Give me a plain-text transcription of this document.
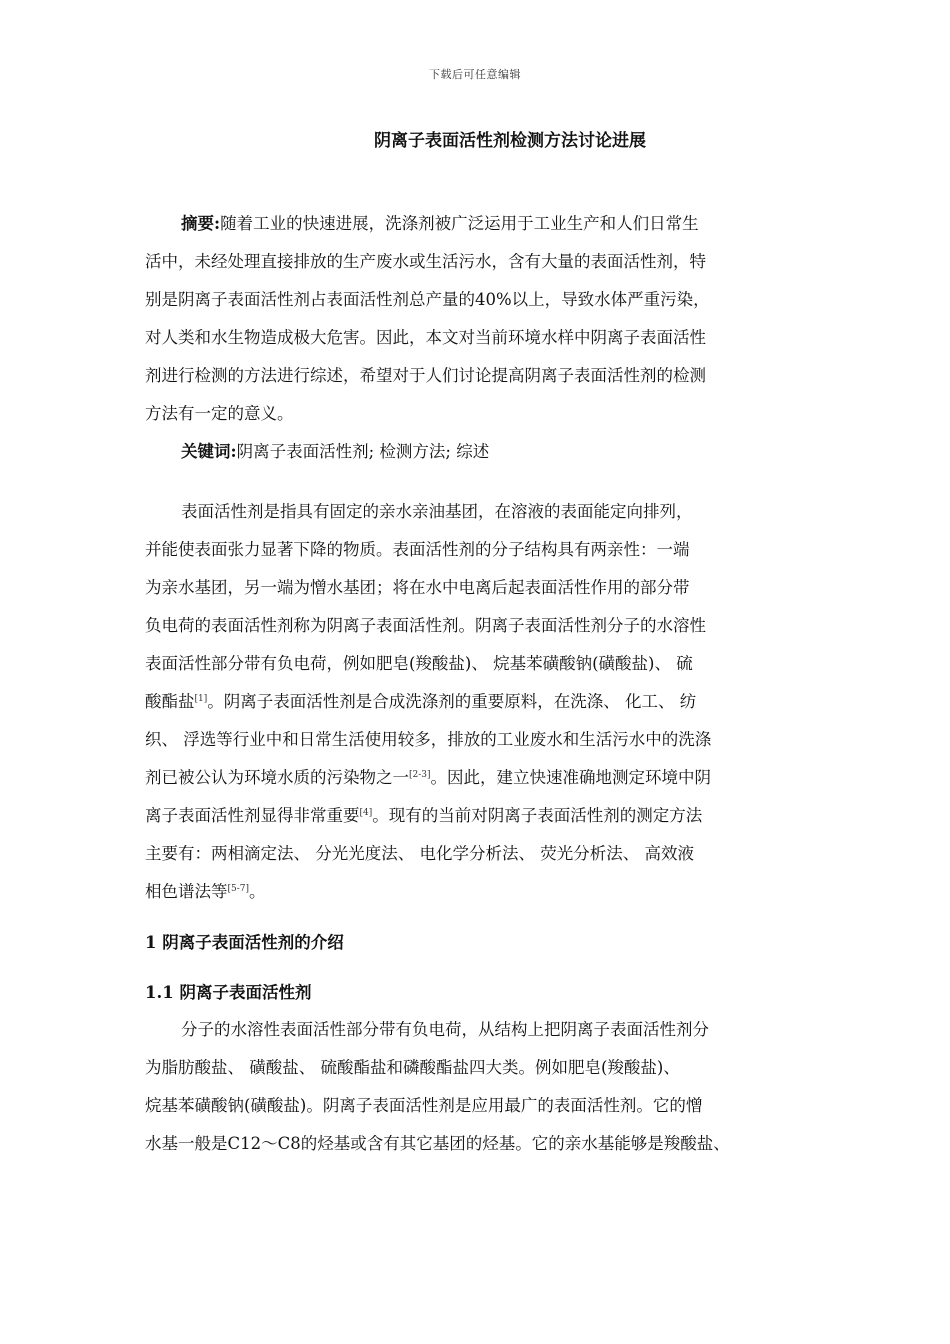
下载后可任意编辑
阴离子表面活性剂检测方法讨论进展
摘要:随着工业的快速进展，洗涤剂被广泛运用于工业生产和人们日常生
活中，未经处理直接排放的生产废水或生活污水，含有大量的表面活性剂，特
别是阴离子表面活性剂占表面活性剂总产量的40%以上，导致水体严重污染，
对人类和水生物造成极大危害。因此，本文对当前环境水样中阴离子表面活性
剂进行检测的方法进行综述，希望对于人们讨论提高阴离子表面活性剂的检测
方法有一定的意义。
关键词:阴离子表面活性剂; 检测方法; 综述
表面活性剂是指具有固定的亲水亲油基团，在溶液的表面能定向排列，
并能使表面张力显著下降的物质。表面活性剂的分子结构具有两亲性：一端
为亲水基团，另一端为憎水基团；将在水中电离后起表面活性作用的部分带
负电荷的表面活性剂称为阴离子表面活性剂。阴离子表面活性剂分子的水溶性
表面活性部分带有负电荷，例如肥皂(羧酸盐)、 烷基苯磺酸钠(磺酸盐)、 硫
酸酯盐[1]。阴离子表面活性剂是合成洗涤剂的重要原料，在洗涤、 化工、 纺
织、 浮选等行业中和日常生活使用较多，排放的工业废水和生活污水中的洗涤
剂已被公认为环境水质的污染物之一[2-3]。因此，建立快速准确地测定环境中阴
离子表面活性剂显得非常重要[4]。现有的当前对阴离子表面活性剂的测定方法
主要有：两相滴定法、 分光光度法、 电化学分析法、 荧光分析法、 高效液
相色谱法等[5-7]。
1 阴离子表面活性剂的介绍
1.1 阴离子表面活性剂
分子的水溶性表面活性部分带有负电荷，从结构上把阴离子表面活性剂分
为脂肪酸盐、 磺酸盐、 硫酸酯盐和磷酸酯盐四大类。例如肥皂(羧酸盐)、
烷基苯磺酸钠(磺酸盐)。阴离子表面活性剂是应用最广的表面活性剂。它的憎
水基一般是C12～C8的烃基或含有其它基团的烃基。它的亲水基能够是羧酸盐、
